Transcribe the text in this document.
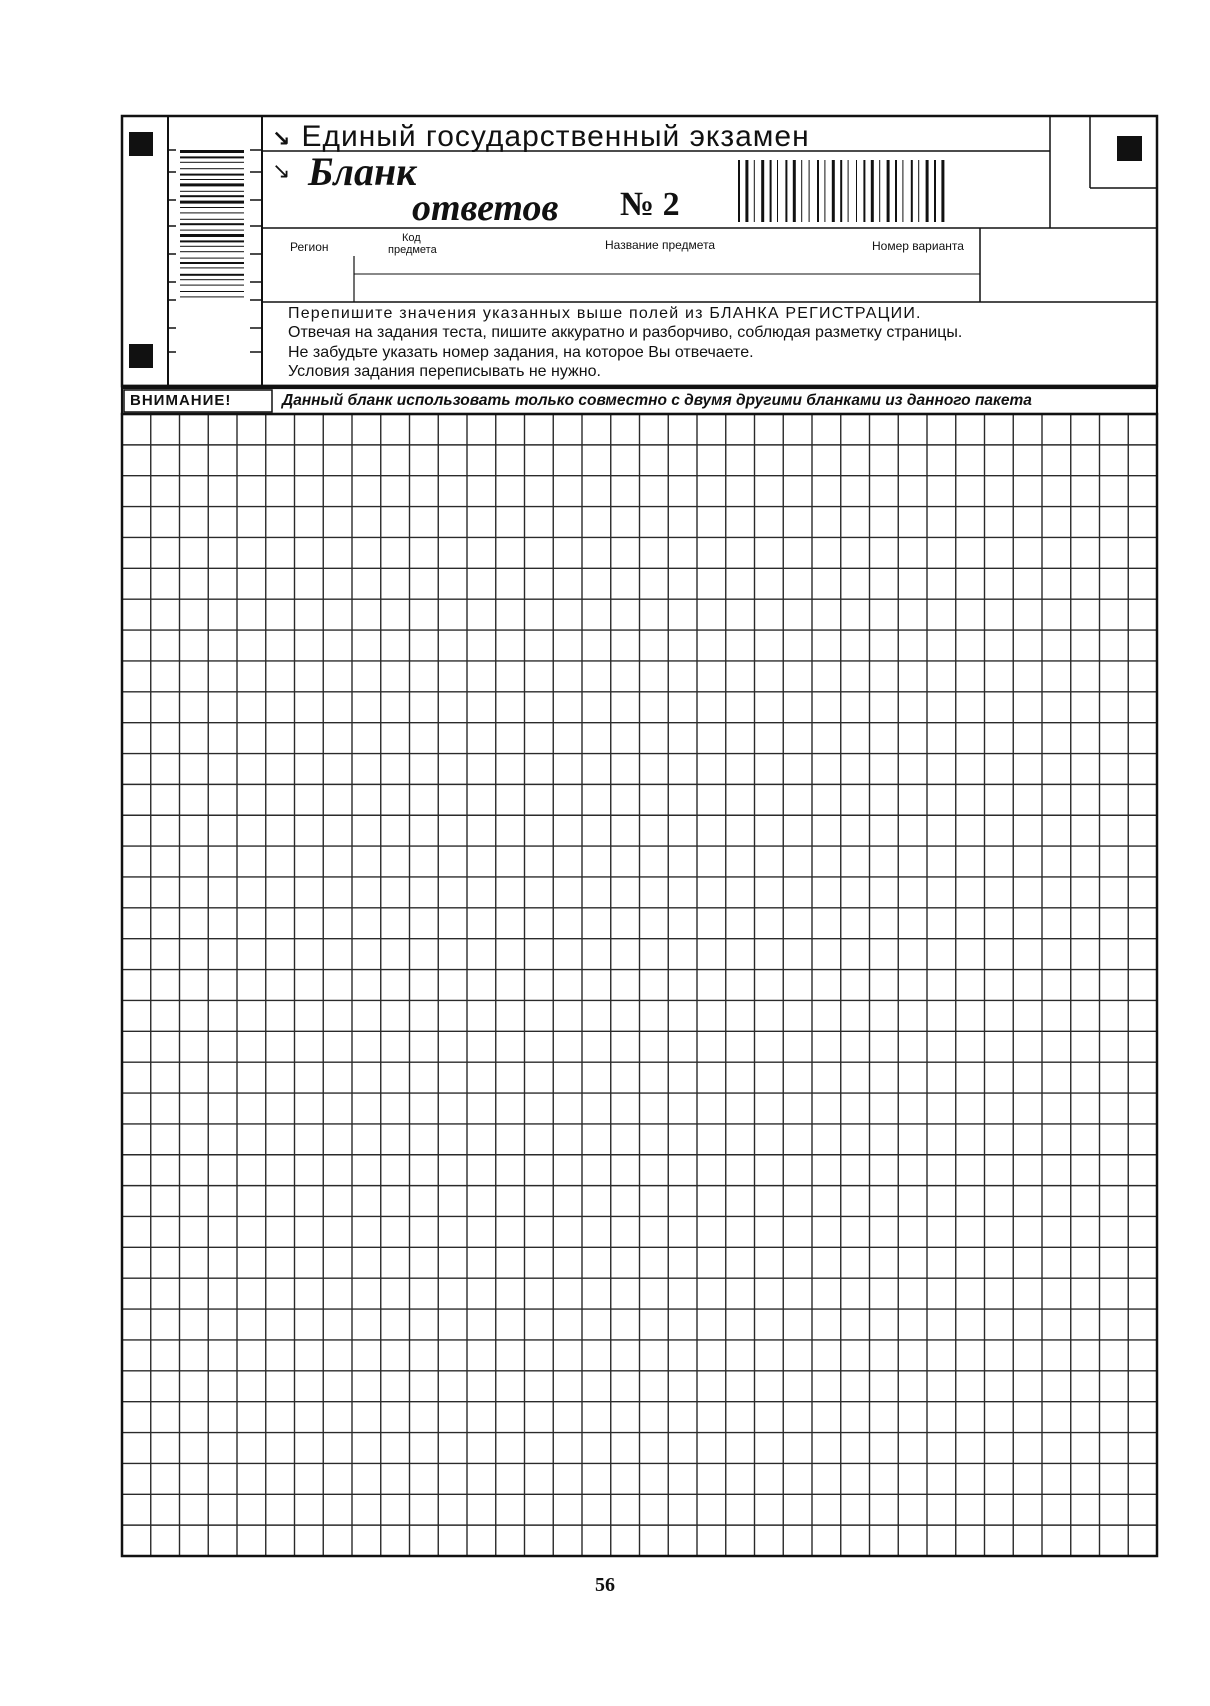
↘ Единый государственный экзамен
↘ Бланк
ответов № 2
Регион
Код
предмета	Название предмета	Номер варианта
Перепишите значения указанных выше полей из БЛАНКА РЕГИСТРАЦИИ.
Отвечая на задания теста, пишите аккуратно и разборчиво, соблюдая разметку страницы.
Не забудьте указать номер задания, на которое Вы отвечаете.
Условия задания переписывать не нужно.
ВНИМАНИЕ!	Данный бланк использовать только совместно с двумя другими бланками из данного пакета
56
